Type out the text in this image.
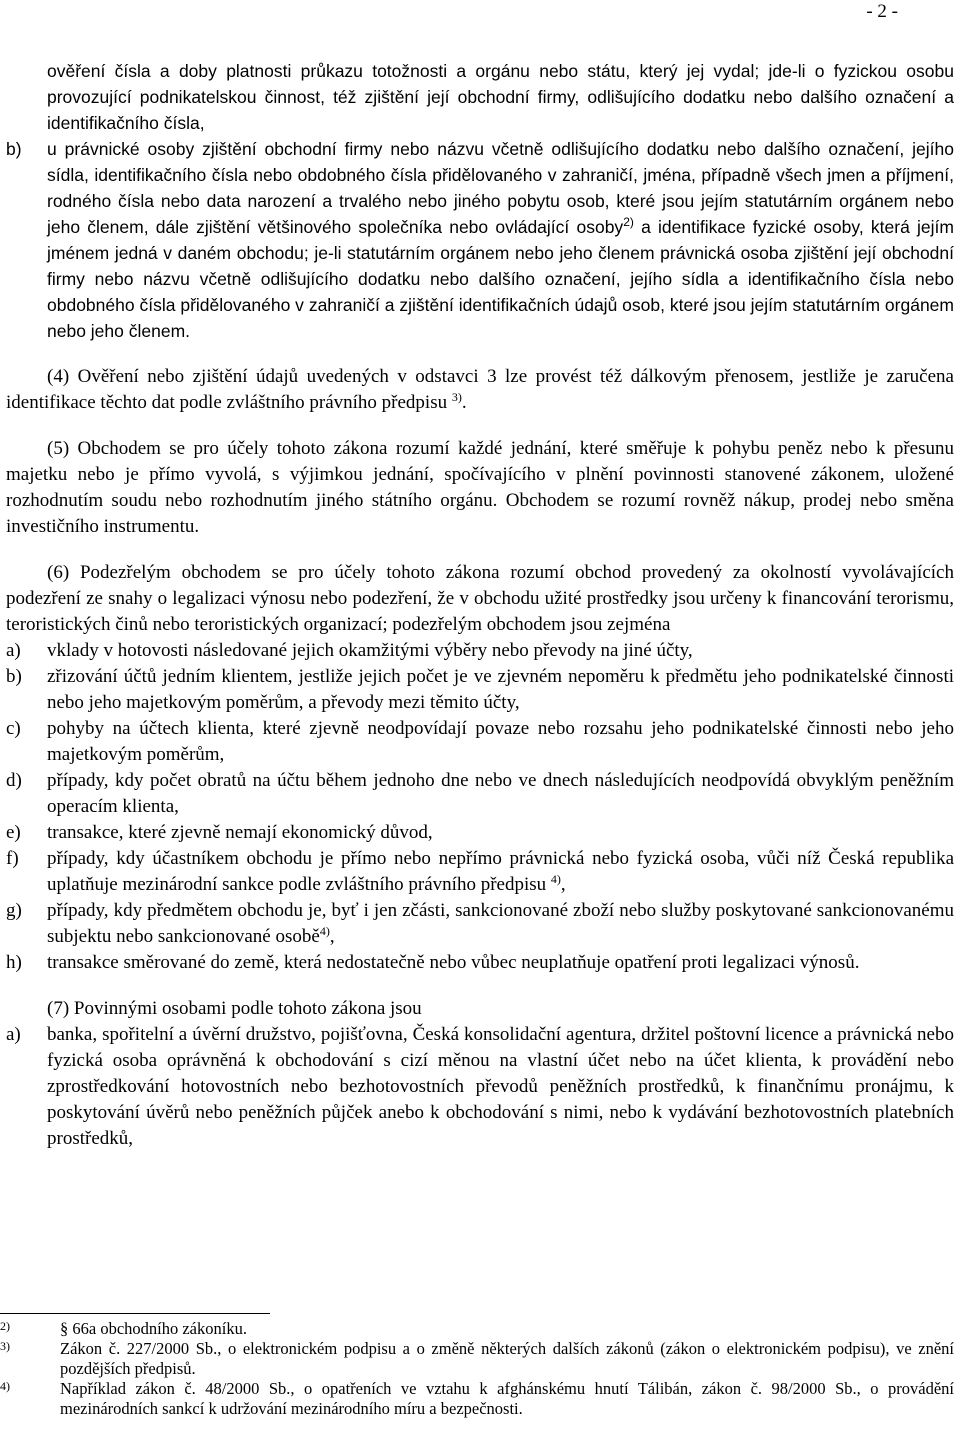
- 2 -
ověření čísla a doby platnosti průkazu totožnosti a orgánu nebo státu, který jej vydal; jde-li o fyzickou osobu provozující podnikatelskou činnost, též zjištění její obchodní firmy, odlišujícího dodatku nebo dalšího označení a identifikačního čísla,
b)	u právnické osoby zjištění obchodní firmy nebo názvu včetně odlišujícího dodatku nebo dalšího označení, jejího sídla, identifikačního čísla nebo obdobného čísla přidělovaného v zahraničí, jména, případně všech jmen a příjmení, rodného čísla nebo data narození a trvalého nebo jiného pobytu osob, které jsou jejím statutárním orgánem nebo jeho členem, dále zjištění většinového společníka nebo ovládající osoby$^{2)}$ a identifikace fyzické osoby, která jejím jménem jedná v daném obchodu; je-li statutárním orgánem nebo jeho členem právnická osoba zjištění její obchodní firmy nebo názvu včetně odlišujícího dodatku nebo dalšího označení, jejího sídla a identifikačního čísla nebo obdobného čísla přidělovaného v zahraničí a zjištění identifikačních údajů osob, které jsou jejím statutárním orgánem nebo jeho členem.

(4) Ověření nebo zjištění údajů uvedených v odstavci 3 lze provést též dálkovým přenosem, jestliže je zaručena identifikace těchto dat podle zvláštního právního předpisu $^{3)}$.

(5) Obchodem se pro účely tohoto zákona rozumí každé jednání, které směřuje k pohybu peněz nebo k přesunu majetku nebo je přímo vyvolá, s výjimkou jednání, spočívajícího v plnění povinnosti stanovené zákonem, uložené rozhodnutím soudu nebo rozhodnutím jiného státního orgánu. Obchodem se rozumí rovněž nákup, prodej nebo směna investičního instrumentu.

(6) Podezřelým obchodem se pro účely tohoto zákona rozumí obchod provedený za okolností vyvolávajících podezření ze snahy o legalizaci výnosu nebo podezření, že v obchodu užité prostředky jsou určeny k financování terorismu, teroristických činů nebo teroristických organizací; podezřelým obchodem jsou zejména

a)	vklady v hotovosti následované jejich okamžitými výběry nebo převody na jiné účty,
b)	zřizování účtů jedním klientem, jestliže jejich počet je ve zjevném nepoměru k předmětu jeho podnikatelské činnosti nebo jeho majetkovým poměrům, a převody mezi těmito účty,
c)	pohyby na účtech klienta, které zjevně neodpovídají povaze nebo rozsahu jeho podnikatelské činnosti nebo jeho majetkovým poměrům,
d)	případy, kdy počet obratů na účtu během jednoho dne nebo ve dnech následujících neodpovídá obvyklým peněžním operacím klienta,
e)	transakce, které zjevně nemají ekonomický důvod,
f)	případy, kdy účastníkem obchodu je přímo nebo nepřímo právnická nebo fyzická osoba, vůči níž Česká republika uplatňuje mezinárodní sankce podle zvláštního právního předpisu $^{4)}$,
g)	případy, kdy předmětem obchodu je, byť i jen zčásti, sankcionované zboží nebo služby poskytované sankcionovanému subjektu nebo sankcionované osobě$^{4)}$,
h)	transakce směrované do země, která nedostatečně nebo vůbec neuplatňuje opatření proti legalizaci výnosů.

(7) Povinnými osobami podle tohoto zákona jsou

a)	banka, spořitelní a úvěrní družstvo, pojišťovna, Česká konsolidační agentura, držitel poštovní licence a právnická nebo fyzická osoba oprávněná k obchodování s cizí měnou na vlastní účet nebo na účet klienta, k provádění nebo zprostředkování hotovostních nebo bezhotovostních převodů peněžních prostředků, k finančnímu pronájmu, k poskytování úvěrů nebo peněžních půjček anebo k obchodování s nimi, nebo k vydávání bezhotovostních platebních prostředků,
2)	§ 66a obchodního zákoníku.
3)	Zákon č. 227/2000 Sb., o elektronickém podpisu a o změně některých dalších zákonů (zákon o elektronickém podpisu), ve znění pozdějších předpisů.
4)	Například zákon č. 48/2000 Sb., o opatřeních ve vztahu k afghánskému hnutí Tálibán, zákon č. 98/2000 Sb., o provádění mezinárodních sankcí k udržování mezinárodního míru a bezpečnosti.
